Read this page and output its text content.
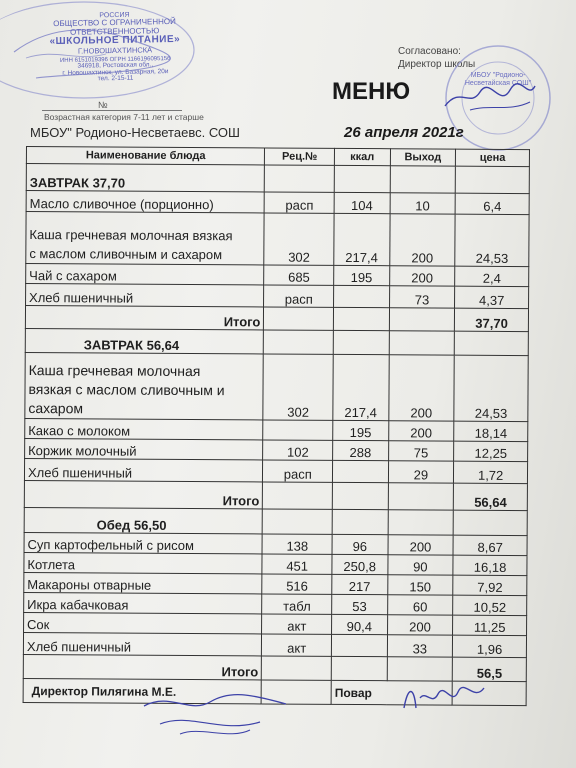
РОССИЯ
ОБЩЕСТВО С ОГРАНИЧЕННОЙ
ОТВЕТСТВЕННОСТЬЮ
«ШКОЛЬНОЕ ПИТАНИЕ»
Г.НОВОШАХТИНСКА
ИНН 6151019396 ОГРН 1166196095156
346918, Ростовская обл.,
г. Новошахтинск, ул. Базарная, 20и
тел. 2-15-11
№
Возрастная категория 7-11 лет и старше
МБОУ" Родионо-Несветаевс. СОШ
Согласовано:
Директор школы
МБОУ "Родионо-Несветайская СОШ"
МЕНЮ
26 апреля 2021г
Наименование блюда	Рец.№	ккал	Выход	цена
ЗАВТРАК 37,70				
Масло сливочное (порционно)	расп	104	10	6,4
Каша гречневая молочная вязкая
с маслом сливочным и сахаром	302	217,4	200	24,53
Чай с сахаром	685	195	200	2,4
Хлеб пшеничный	расп		73	4,37
Итого				37,70
ЗАВТРАК 56,64				
Каша гречневая молочная
вязкая с маслом сливочным и
сахаром	302	217,4	200	24,53
Какао с молоком		195	200	18,14
Коржик молочный	102	288	75	12,25
Хлеб пшеничный	расп		29	1,72
Итого				56,64
Обед 56,50				
Суп картофельный с рисом	138	96	200	8,67
Котлета	451	250,8	90	16,18
Макароны отварные	516	217	150	7,92
Икра кабачковая	табл	53	60	10,52
Сок	акт	90,4	200	11,25
Хлеб пшеничный	акт		33	1,96
Итого				56,5
Директор Пилягина М.Е.		Повар		
